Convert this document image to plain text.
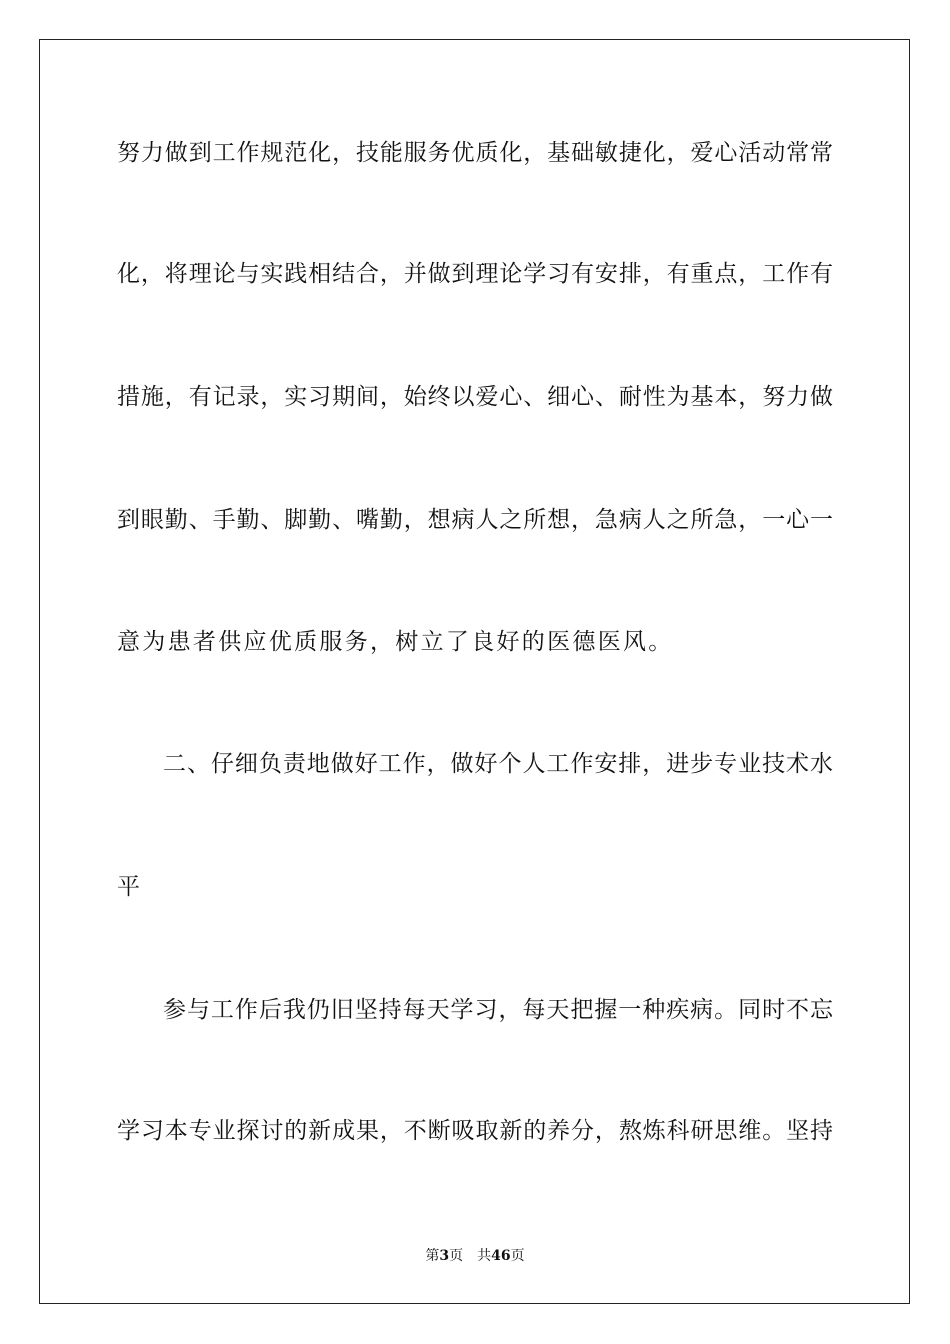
努力做到工作规范化，技能服务优质化，基础敏捷化，爱心活动常常
化，将理论与实践相结合，并做到理论学习有安排，有重点，工作有
措施，有记录，实习期间，始终以爱心、细心、耐性为基本，努力做
到眼勤、手勤、脚勤、嘴勤，想病人之所想，急病人之所急，一心一
意为患者供应优质服务，树立了良好的医德医风。
二、仔细负责地做好工作，做好个人工作安排，进步专业技术水
平
参与工作后我仍旧坚持每天学习，每天把握一种疾病。同时不忘
学习本专业探讨的新成果，不断吸取新的养分，熬炼科研思维。坚持
第3页 共46页
